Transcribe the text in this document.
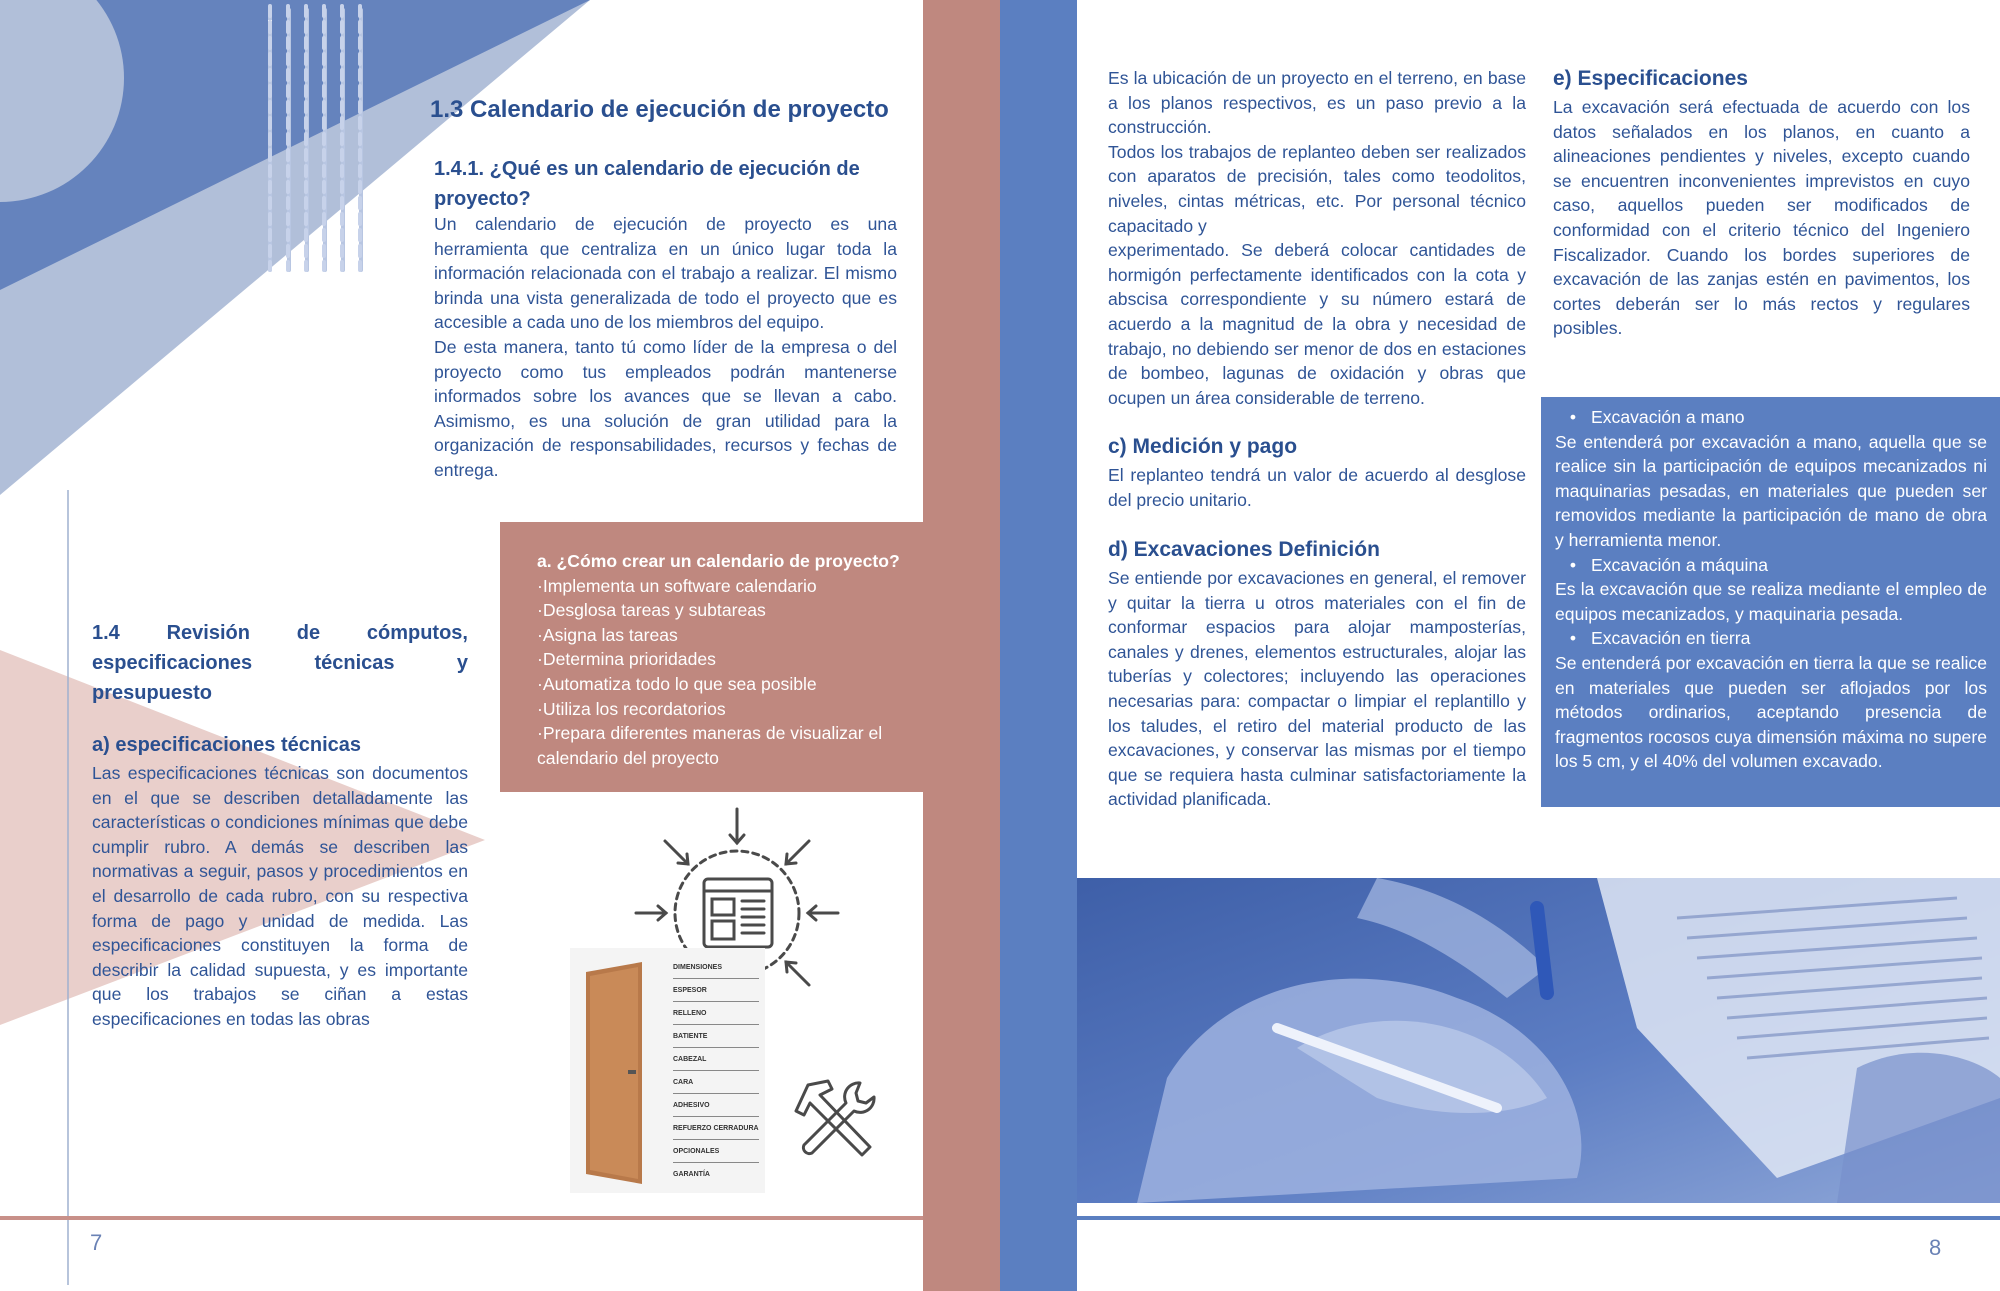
1.3 Calendario de ejecución de proyecto
1.4.1. ¿Qué es un calendario de ejecución de proyecto?

Un calendario de ejecución de proyecto es una herramienta que centraliza en un único lugar toda la información relacionada con el trabajo a realizar. El mismo brinda una vista generalizada de todo el proyecto que es accesible a cada uno de los miembros del equipo.

De esta manera, tanto tú como líder de la empresa o del proyecto como tus empleados podrán mantenerse informados sobre los avances que se llevan a cabo. Asimismo, es una solución de gran utilidad para la organización de responsabilidades, recursos y fechas de entrega.

a. ¿Cómo crear un calendario de proyecto?
·Implementa un software calendario
·Desglosa tareas y subtareas
·Asigna las tareas
·Determina prioridades
·Automatiza todo lo que sea posible
·Utiliza los recordatorios
·Prepara diferentes maneras de visualizar el calendario del proyecto
1.4 Revisión de cómputos, especificaciones técnicas y presupuesto
a) especificaciones técnicas
Las especificaciones técnicas son documentos en el que se describen detalladamente las características o condiciones mínimas que debe cumplir rubro. A demás se describen las normativas a seguir, pasos y procedimientos en el desarrollo de cada rubro, con su respectiva forma de pago y unidad de medida. Las especificaciones constituyen la forma de describir la calidad supuesta, y es importante que los trabajos se ciñan a estas especificaciones en todas las obras
DIMENSIONES
ESPESOR
RELLENO
BATIENTE
CABEZAL
CARA
ADHESIVO
REFUERZO CERRADURA
OPCIONALES
GARANTÍA
7

Es la ubicación de un proyecto en el terreno, en base a los planos respectivos, es un paso previo a la construcción.

Todos los trabajos de replanteo deben ser realizados con aparatos de precisión, tales como teodolitos, niveles, cintas métricas, etc. Por personal técnico capacitado y

experimentado. Se deberá colocar cantidades de hormigón perfectamente identificados con la cota y abscisa correspondiente y su número estará de acuerdo a la magnitud de la obra y necesidad de trabajo, no debiendo ser menor de dos en estaciones de bombeo, lagunas de oxidación y obras que ocupen un área considerable de terreno.

c) Medición y pago
El replanteo tendrá un valor de acuerdo al desglose del precio unitario.
d) Excavaciones Definición
Se entiende por excavaciones en general, el remover y quitar la tierra u otros materiales con el fin de conformar espacios para alojar mamposterías, canales y drenes, elementos estructurales, alojar las tuberías y colectores; incluyendo las operaciones necesarias para: compactar o limpiar el replantillo y los taludes, el retiro del material producto de las excavaciones, y conservar las mismas por el tiempo que se requiera hasta culminar satisfactoriamente la actividad planificada.
e) Especificaciones
La excavación será efectuada de acuerdo con los datos señalados en los planos, en cuanto a alineaciones pendientes y niveles, excepto cuando se encuentren inconvenientes imprevistos en cuyo caso, aquellos pueden ser modificados de conformidad con el criterio técnico del Ingeniero Fiscalizador. Cuando los bordes superiores de excavación de las zanjas estén en pavimentos, los cortes deberán ser lo más rectos y regulares posibles.
• Excavación a mano

Se entenderá por excavación a mano, aquella que se realice sin la participación de equipos mecanizados ni maquinarias pesadas, en materiales que pueden ser removidos mediante la participación de mano de obra y herramienta menor.

• Excavación a máquina

Es la excavación que se realiza mediante el empleo de equipos mecanizados, y maquinaria pesada.

• Excavación en tierra

Se entenderá por excavación en tierra la que se realice en materiales que pueden ser aflojados por los métodos ordinarios, aceptando presencia de fragmentos rocosos cuya dimensión máxima no supere los 5 cm, y el 40% del volumen excavado.

8
